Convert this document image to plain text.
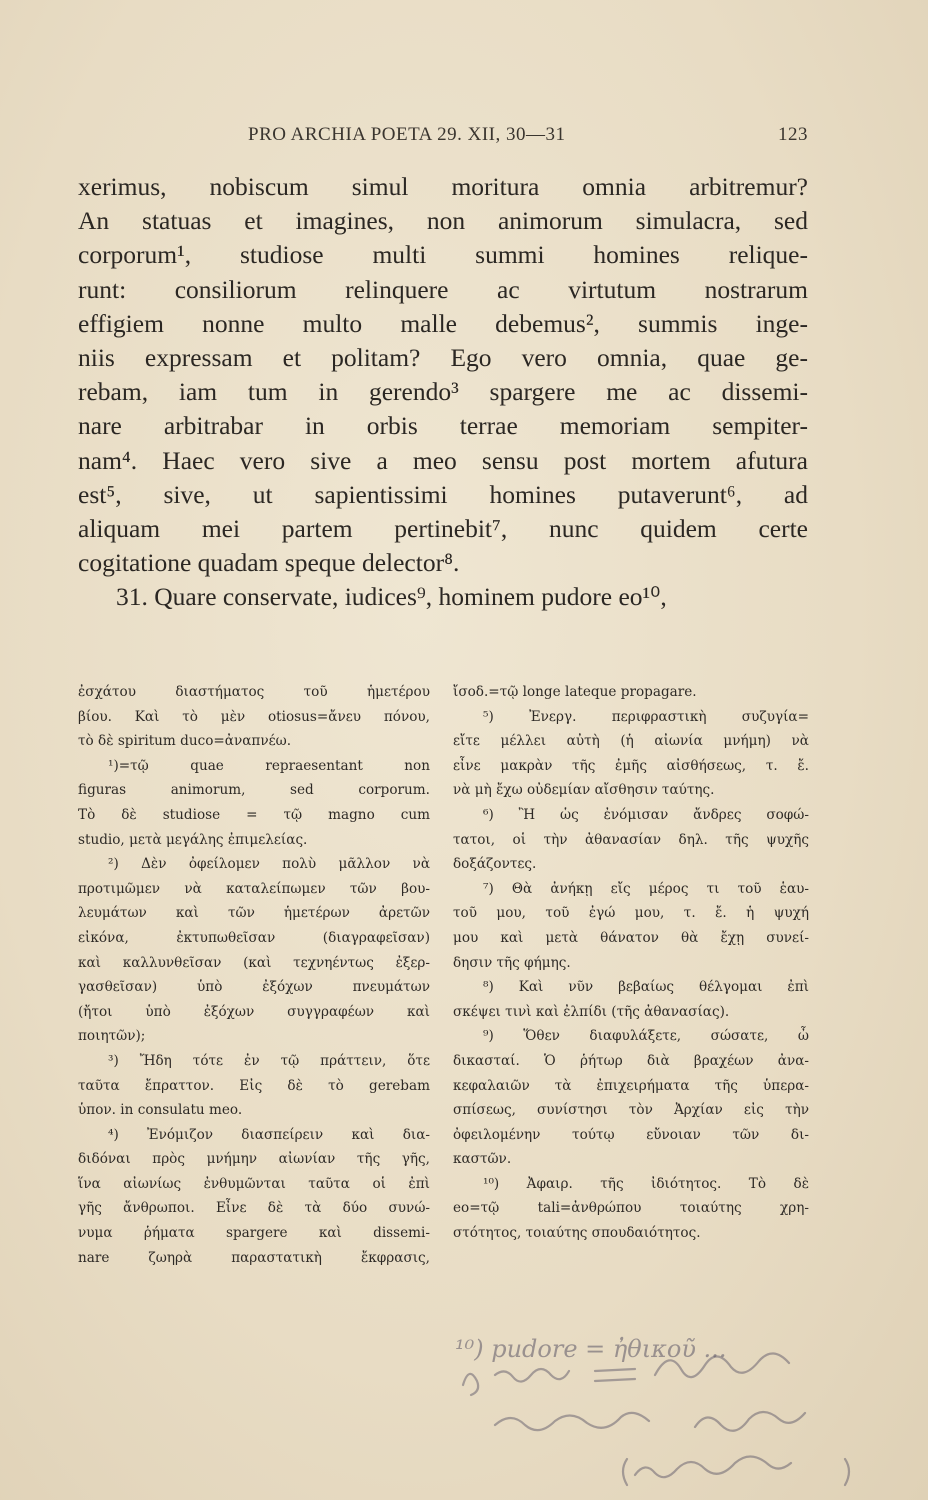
PRO ARCHIA POETA 29. XII, 30—31	123
xerimus, nobiscum simul moritura omnia arbitremur?
An statuas et imagines, non animorum simulacra, sed
corporum¹, studiose multi summi homines relique-
runt: consiliorum relinquere ac virtutum nostrarum
effigiem nonne multo malle debemus², summis inge-
niis expressam et politam? Ego vero omnia, quae ge-
rebam, iam tum in gerendo³ spargere me ac dissemi-
nare arbitrabar in orbis terrae memoriam sempiter-
nam⁴. Haec vero sive a meo sensu post mortem afutura
est⁵, sive, ut sapientissimi homines putaverunt⁶, ad
aliquam mei partem pertinebit⁷, nunc quidem certe
cogitatione quadam speque delector⁸.
31. Quare conservate, iudices⁹, hominem pudore eo¹⁰,
ἐσχάτου διαστήματος τοῦ ἡμετέρου
βίου. Καὶ τὸ μὲν otiosus=ἄνευ πόνου,
τὸ δὲ spiritum duco=ἀναπνέω.
¹)=τῷ quae repraesentant non
figuras animorum, sed corporum.
Τὸ δὲ studiose = τῷ magno cum
studio, μετὰ μεγάλης ἐπιμελείας.
²) Δὲν ὀφείλομεν πολὺ μᾶλλον νὰ
προτιμῶμεν νὰ καταλείπωμεν τῶν βου-
λευμάτων καὶ τῶν ἡμετέρων ἀρετῶν
εἰκόνα, ἐκτυπωθεῖσαν (διαγραφεῖσαν)
καὶ καλλυνθεῖσαν (καὶ τεχνηέντως ἐξερ-
γασθεῖσαν) ὑπὸ ἐξόχων πνευμάτων
(ἤτοι ὑπὸ ἐξόχων συγγραφέων καὶ
ποιητῶν);
³) Ἤδη τότε ἐν τῷ πράττειν, ὅτε
ταῦτα ἔπραττον. Εἰς δὲ τὸ gerebam
ὑπον. in consulatu meo.
⁴) Ἐνόμιζον διασπείρειν καὶ δια-
διδόναι πρὸς μνήμην αἰωνίαν τῆς γῆς,
ἵνα αἰωνίως ἐνθυμῶνται ταῦτα οἱ ἐπὶ
γῆς ἄνθρωποι. Εἶνε δὲ τὰ δύο συνώ-
νυμα ῥήματα spargere καὶ dissemi-
nare ζωηρὰ παραστατικὴ ἔκφρασις,
ἴσοδ.=τῷ longe lateque propagare.
⁵) Ἐνεργ. περιφραστικὴ συζυγία=
εἴτε μέλλει αὐτὴ (ἡ αἰωνία μνήμη) νὰ
εἶνε μακρὰν τῆς ἐμῆς αἰσθήσεως, τ. ἔ.
νὰ μὴ ἔχω οὐδεμίαν αἴσθησιν ταύτης.
⁶) Ἢ ὡς ἐνόμισαν ἄνδρες σοφώ-
τατοι, οἱ τὴν ἀθανασίαν δηλ. τῆς ψυχῆς
δοξάζοντες.
⁷) Θὰ ἀνήκῃ εἴς μέρος τι τοῦ ἑαυ-
τοῦ μου, τοῦ ἐγώ μου, τ. ἔ. ἡ ψυχή
μου καὶ μετὰ θάνατον θὰ ἔχῃ συνεί-
δησιν τῆς φήμης.
⁸) Καὶ νῦν βεβαίως θέλγομαι ἐπὶ
σκέψει τινὶ καὶ ἐλπίδι (τῆς ἀθανασίας).
⁹) Ὅθεν διαφυλάξετε, σώσατε, ὦ
δικασταί. Ὁ ῥήτωρ διὰ βραχέων ἀνα-
κεφαλαιῶν τὰ ἐπιχειρήματα τῆς ὑπερα-
σπίσεως, συνίστησι τὸν Ἀρχίαν εἰς τὴν
ὀφειλομένην τούτῳ εὔνοιαν τῶν δι-
καστῶν.
¹⁰) Ἀφαιρ. τῆς ἰδιότητος. Τὸ δὲ
eo=τῷ tali=ἀνθρώπου τοιαύτης χρη-
στότητος, τοιαύτης σπουδαιότητος.
¹⁰) pudore = ἠθικοῦ ...
